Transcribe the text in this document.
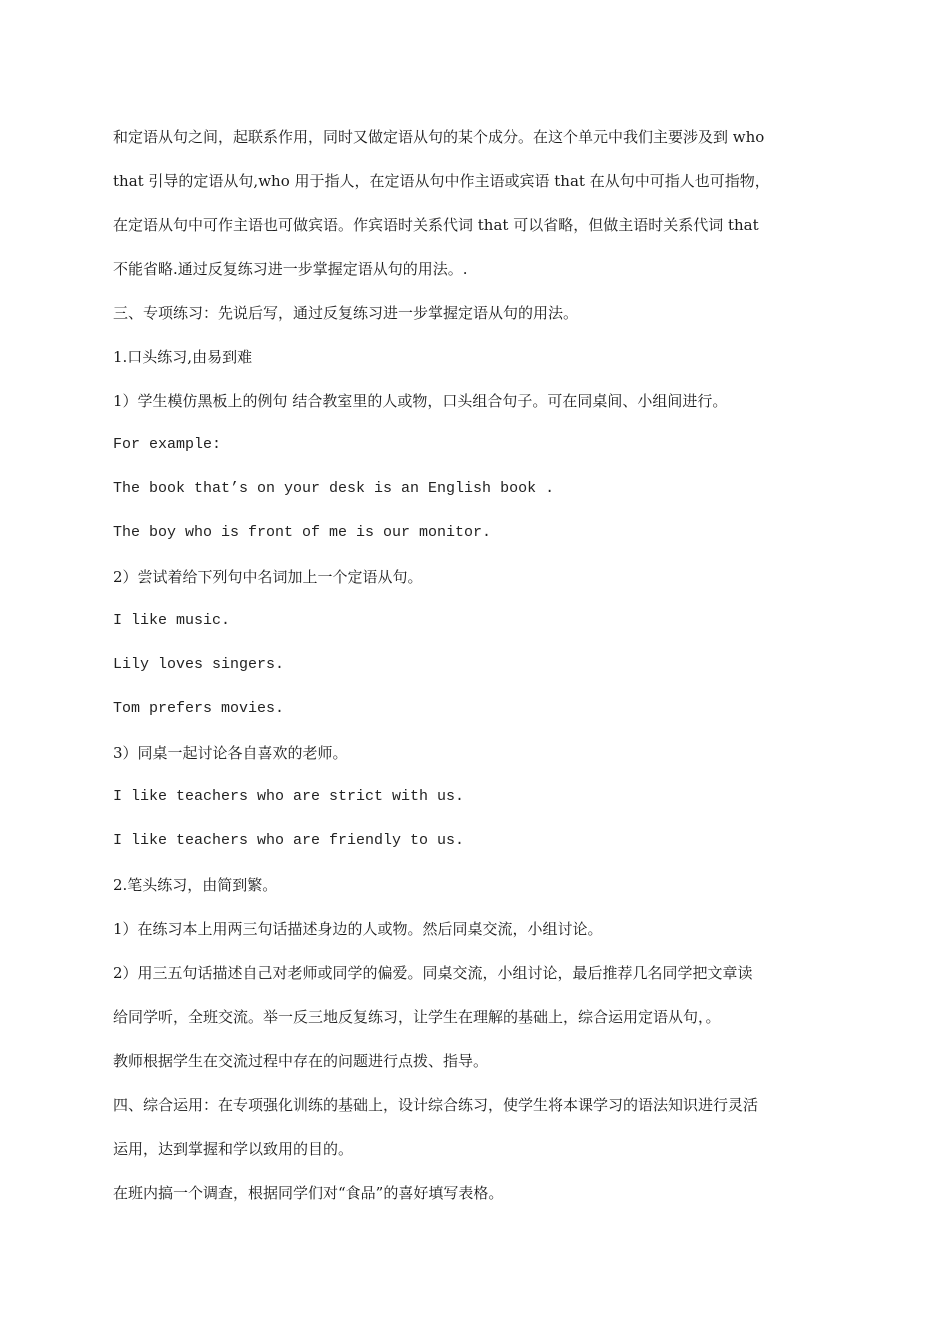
和定语从句之间，起联系作用，同时又做定语从句的某个成分。在这个单元中我们主要涉及到 who

that 引导的定语从句,who 用于指人，在定语从句中作主语或宾语 that 在从句中可指人也可指物，

在定语从句中可作主语也可做宾语。作宾语时关系代词 that 可以省略，但做主语时关系代词 that

不能省略.通过反复练习进一步掌握定语从句的用法。.

三、专项练习：先说后写，通过反复练习进一步掌握定语从句的用法。

1.口头练习,由易到难

1）学生模仿黑板上的例句 结合教室里的人或物，口头组合句子。可在同桌间、小组间进行。

For example:

The book that’s on your desk is an English book .

The boy who is front of me is our monitor.

2）尝试着给下列句中名词加上一个定语从句。

I like music.

Lily loves singers.

Tom prefers movies.

3）同桌一起讨论各自喜欢的老师。

I like teachers who are strict with us.

I like teachers who are friendly to us.

2.笔头练习，由简到繁。

1）在练习本上用两三句话描述身边的人或物。然后同桌交流，小组讨论。

2）用三五句话描述自己对老师或同学的偏爱。同桌交流，小组讨论，最后推荐几名同学把文章读

给同学听，全班交流。举一反三地反复练习，让学生在理解的基础上，综合运用定语从句，。

教师根据学生在交流过程中存在的问题进行点拨、指导。

四、综合运用：在专项强化训练的基础上，设计综合练习，使学生将本课学习的语法知识进行灵活

运用，达到掌握和学以致用的目的。

在班内搞一个调查，根据同学们对“食品”的喜好填写表格。
